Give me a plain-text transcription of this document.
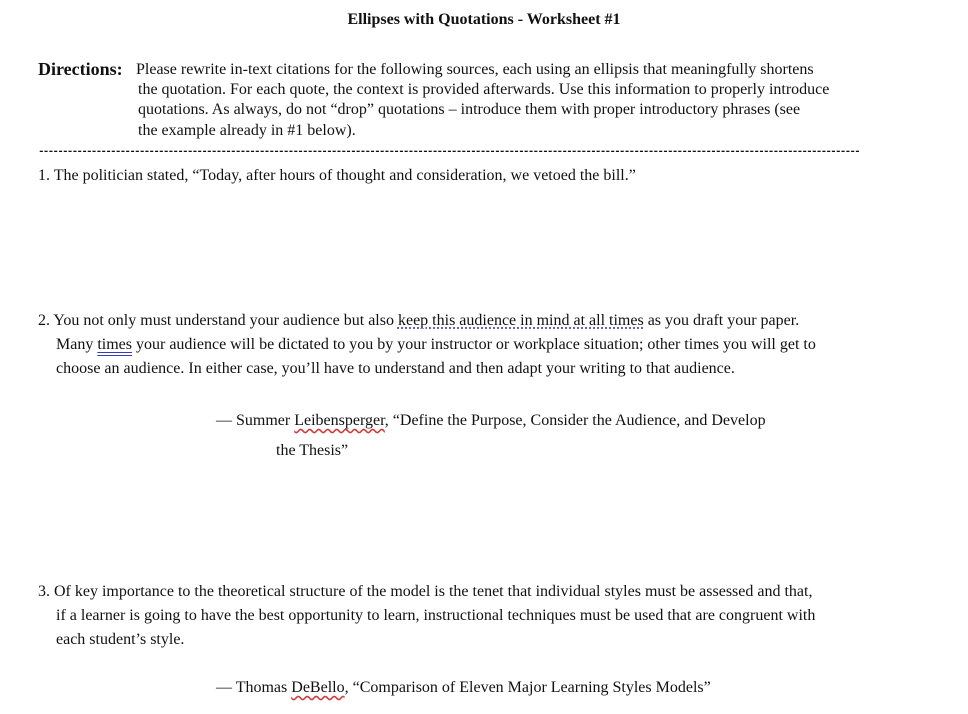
Ellipses with Quotations - Worksheet #1
Directions: Please rewrite in-text citations for the following sources, each using an ellipsis that meaningfully shortens
the quotation. For each quote, the context is provided afterwards. Use this information to properly introduce
quotations. As always, do not “drop” quotations – introduce them with proper introductory phrases (see
the example already in #1 below).
---------------------------------------------------------------------------------------------------------------------------------------------------------------------------
1. The politician stated, “Today, after hours of thought and consideration, we vetoed the bill.”
2. You not only must understand your audience but also keep this audience in mind at all times as you draft your paper.
Many times your audience will be dictated to you by your instructor or workplace situation; other times you will get to
choose an audience. In either case, you’ll have to understand and then adapt your writing to that audience.
— Summer Leibensperger, “Define the Purpose, Consider the Audience, and Develop
the Thesis”
3. Of key importance to the theoretical structure of the model is the tenet that individual styles must be assessed and that,
if a learner is going to have the best opportunity to learn, instructional techniques must be used that are congruent with
each student’s style.
— Thomas DeBello, “Comparison of Eleven Major Learning Styles Models”
